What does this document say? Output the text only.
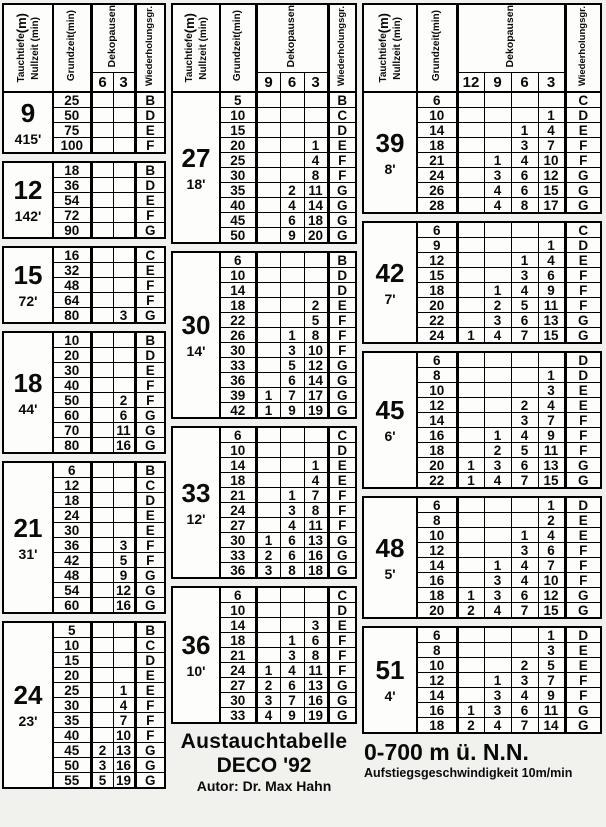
Tauchtiefe(m) Nullzeit (min)	Grundzeit(min)	Dekopausen		Wiederholungsgr.
		6	3	

9
415'	25			B
	50			D
	75			E
	100			F
12
142'	18			B
	36			D
	54			E
	72			F
	90			G
15
72'	16			C
	32			E
	48			F
	64			F
	80		3	G
18
44'	10			B
	20			D
	30			E
	40			F
	50		2	F
	60		6	G
	70		11	G
	80		16	G
21
31'	6			B
	12			C
	18			D
	24			E
	30			E
	36		3	F
	42		5	F
	48		9	G
	54		12	G
	60		16	G
24
23'	5			B
	10			C
	15			D
	20			E
	25		1	E
	30		4	F
	35		7	F
	40		10	F
	45	2	13	G
	50	3	16	G
	55	5	19	G
Tauchtiefe(m) Nullzeit (min)	Grundzeit(min)	Dekopausen			Wiederholungsgr.
		9	6	3	

27
18'	5				B
	10				C
	15				D
	20			1	E
	25			4	F
	30			8	F
	35		2	11	G
	40		4	14	G
	45		6	18	G
	50		9	20	G
30
14'	6				B
	10				D
	14				D
	18			2	E
	22			5	F
	26		1	8	F
	30		3	10	F
	33		5	12	G
	36		6	14	G
	39	1	7	17	G
	42	1	9	19	G
33
12'	6				C
	10				D
	14			1	E
	18			4	E
	21		1	7	F
	24		3	8	F
	27		4	11	F
	30	1	6	13	G
	33	2	6	16	G
	36	3	8	18	G
36
10'	6				C
	10				D
	14			3	E
	18		1	6	F
	21		3	8	F
	24	1	4	11	F
	27	2	6	13	G
	30	3	7	16	G
	33	4	9	19	G
Austauchtabelle
DECO '92
Autor: Dr. Max Hahn
Tauchtiefe(m) Nullzeit (min)	Grundzeit(min)	Dekopausen				Wiederholungsgr.
		12	9	6	3	

39
8'	6					C
	10				1	D
	14			1	4	E
	18			3	7	F
	21		1	4	10	F
	24		3	6	12	G
	26		4	6	15	G
	28		4	8	17	G
42
7'	6					C
	9				1	D
	12			1	4	E
	15			3	6	F
	18		1	4	9	F
	20		2	5	11	F
	22		3	6	13	G
	24	1	4	7	15	G
45
6'	6					D
	8				1	D
	10				3	E
	12			2	4	E
	14			3	7	F
	16		1	4	9	F
	18		2	5	11	F
	20	1	3	6	13	G
	22	1	4	7	15	G
48
5'	6				1	D
	8				2	E
	10			1	4	E
	12			3	6	F
	14		1	4	7	F
	16		3	4	10	F
	18	1	3	6	12	G
	20	2	4	7	15	G
51
4'	6				1	D
	8				3	E
	10			2	5	E
	12		1	3	7	F
	14		3	4	9	F
	16	1	3	6	11	G
	18	2	4	7	14	G
0-700 m ü. N.N.
Aufstiegsgeschwindigkeit 10m/min
